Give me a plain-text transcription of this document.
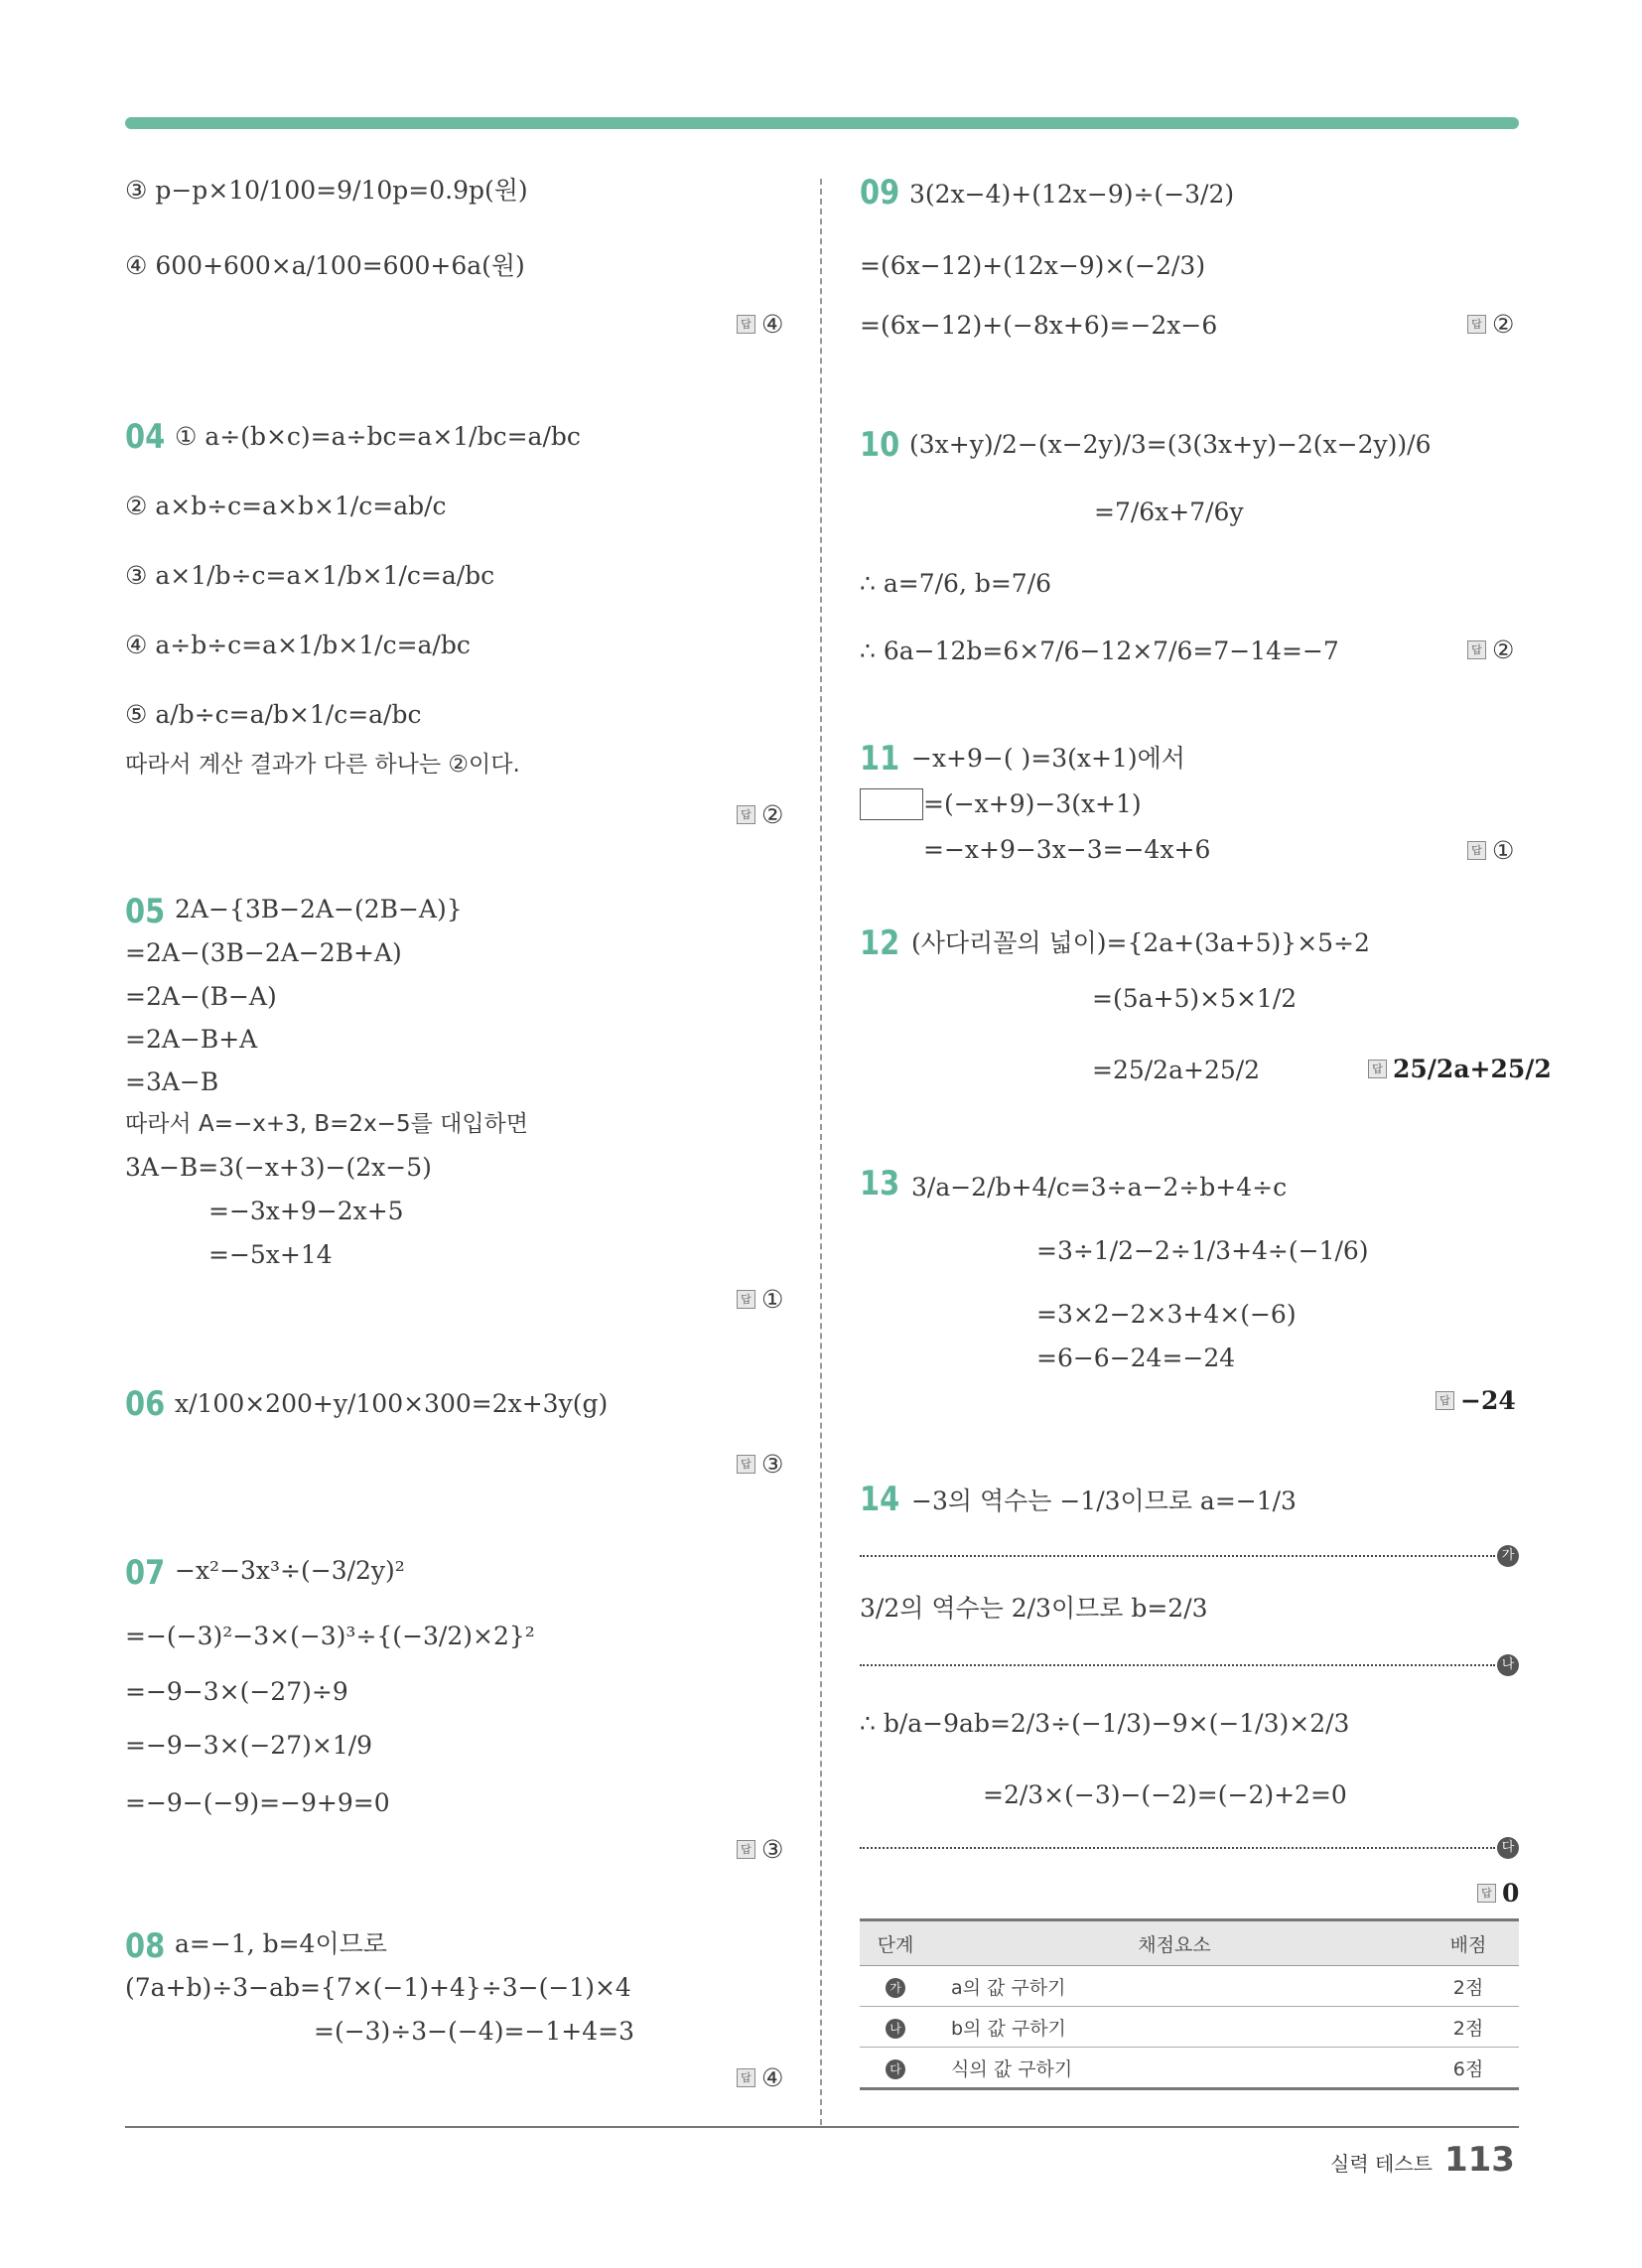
③ p−p×10/100=9/10p=0.9p(원)
④ 600+600×a/100=600+6a(원)
답 ④
04 ① a÷(b×c)=a÷bc=a×1/bc=a/bc
② a×b÷c=a×b×1/c=ab/c
③ a×1/b÷c=a×1/b×1/c=a/bc
④ a÷b÷c=a×1/b×1/c=a/bc
⑤ a/b÷c=a/b×1/c=a/bc
따라서 계산 결과가 다른 하나는 ②이다.
답 ②
05 2A−{3B−2A−(2B−A)}
=2A−(3B−2A−2B+A)
=2A−(B−A)
=2A−B+A
=3A−B
따라서 A=−x+3, B=2x−5를 대입하면
3A−B=3(−x+3)−(2x−5)
=−3x+9−2x+5
=−5x+14
답 ①
06 x/100×200+y/100×300=2x+3y(g)
답 ③
07 −x²−3x³÷(−3/2y)²
=−(−3)²−3×(−3)³÷{(−3/2)×2}²
=−9−3×(−27)÷9
=−9−3×(−27)×1/9
=−9−(−9)=−9+9=0
답 ③
08 a=−1, b=4이므로
(7a+b)÷3−ab={7×(−1)+4}÷3−(−1)×4
=(−3)÷3−(−4)=−1+4=3
답 ④
09 3(2x−4)+(12x−9)÷(−3/2)
=(6x−12)+(12x−9)×(−2/3)
=(6x−12)+(−8x+6)=−2x−6	답 ②
10 (3x+y)/2−(x−2y)/3=(3(3x+y)−2(x−2y))/6
=7/6x+7/6y
∴ a=7/6, b=7/6
∴ 6a−12b=6×7/6−12×7/6=7−14=−7	답 ②
11 −x+9−( )=3(x+1)에서
=(−x+9)−3(x+1)
=−x+9−3x−3=−4x+6	답 ①
12 (사다리꼴의 넓이)={2a+(3a+5)}×5÷2
=(5a+5)×5×1/2
=25/2a+25/2	답 25/2a+25/2
13 3/a−2/b+4/c=3÷a−2÷b+4÷c
=3÷1/2−2÷1/3+4÷(−1/6)
=3×2−2×3+4×(−6)
=6−6−24=−24
답 −24
14 −3의 역수는 −1/3이므로 a=−1/3
가
3/2의 역수는 2/3이므로 b=2/3
나
∴ b/a−9ab=2/3÷(−1/3)−9×(−1/3)×2/3
=2/3×(−3)−(−2)=(−2)+2=0
다
답 0
단계	채점요소	배점
가	a의 값 구하기	2점
나	b의 값 구하기	2점
다	식의 값 구하기	6점
실력 테스트 113
